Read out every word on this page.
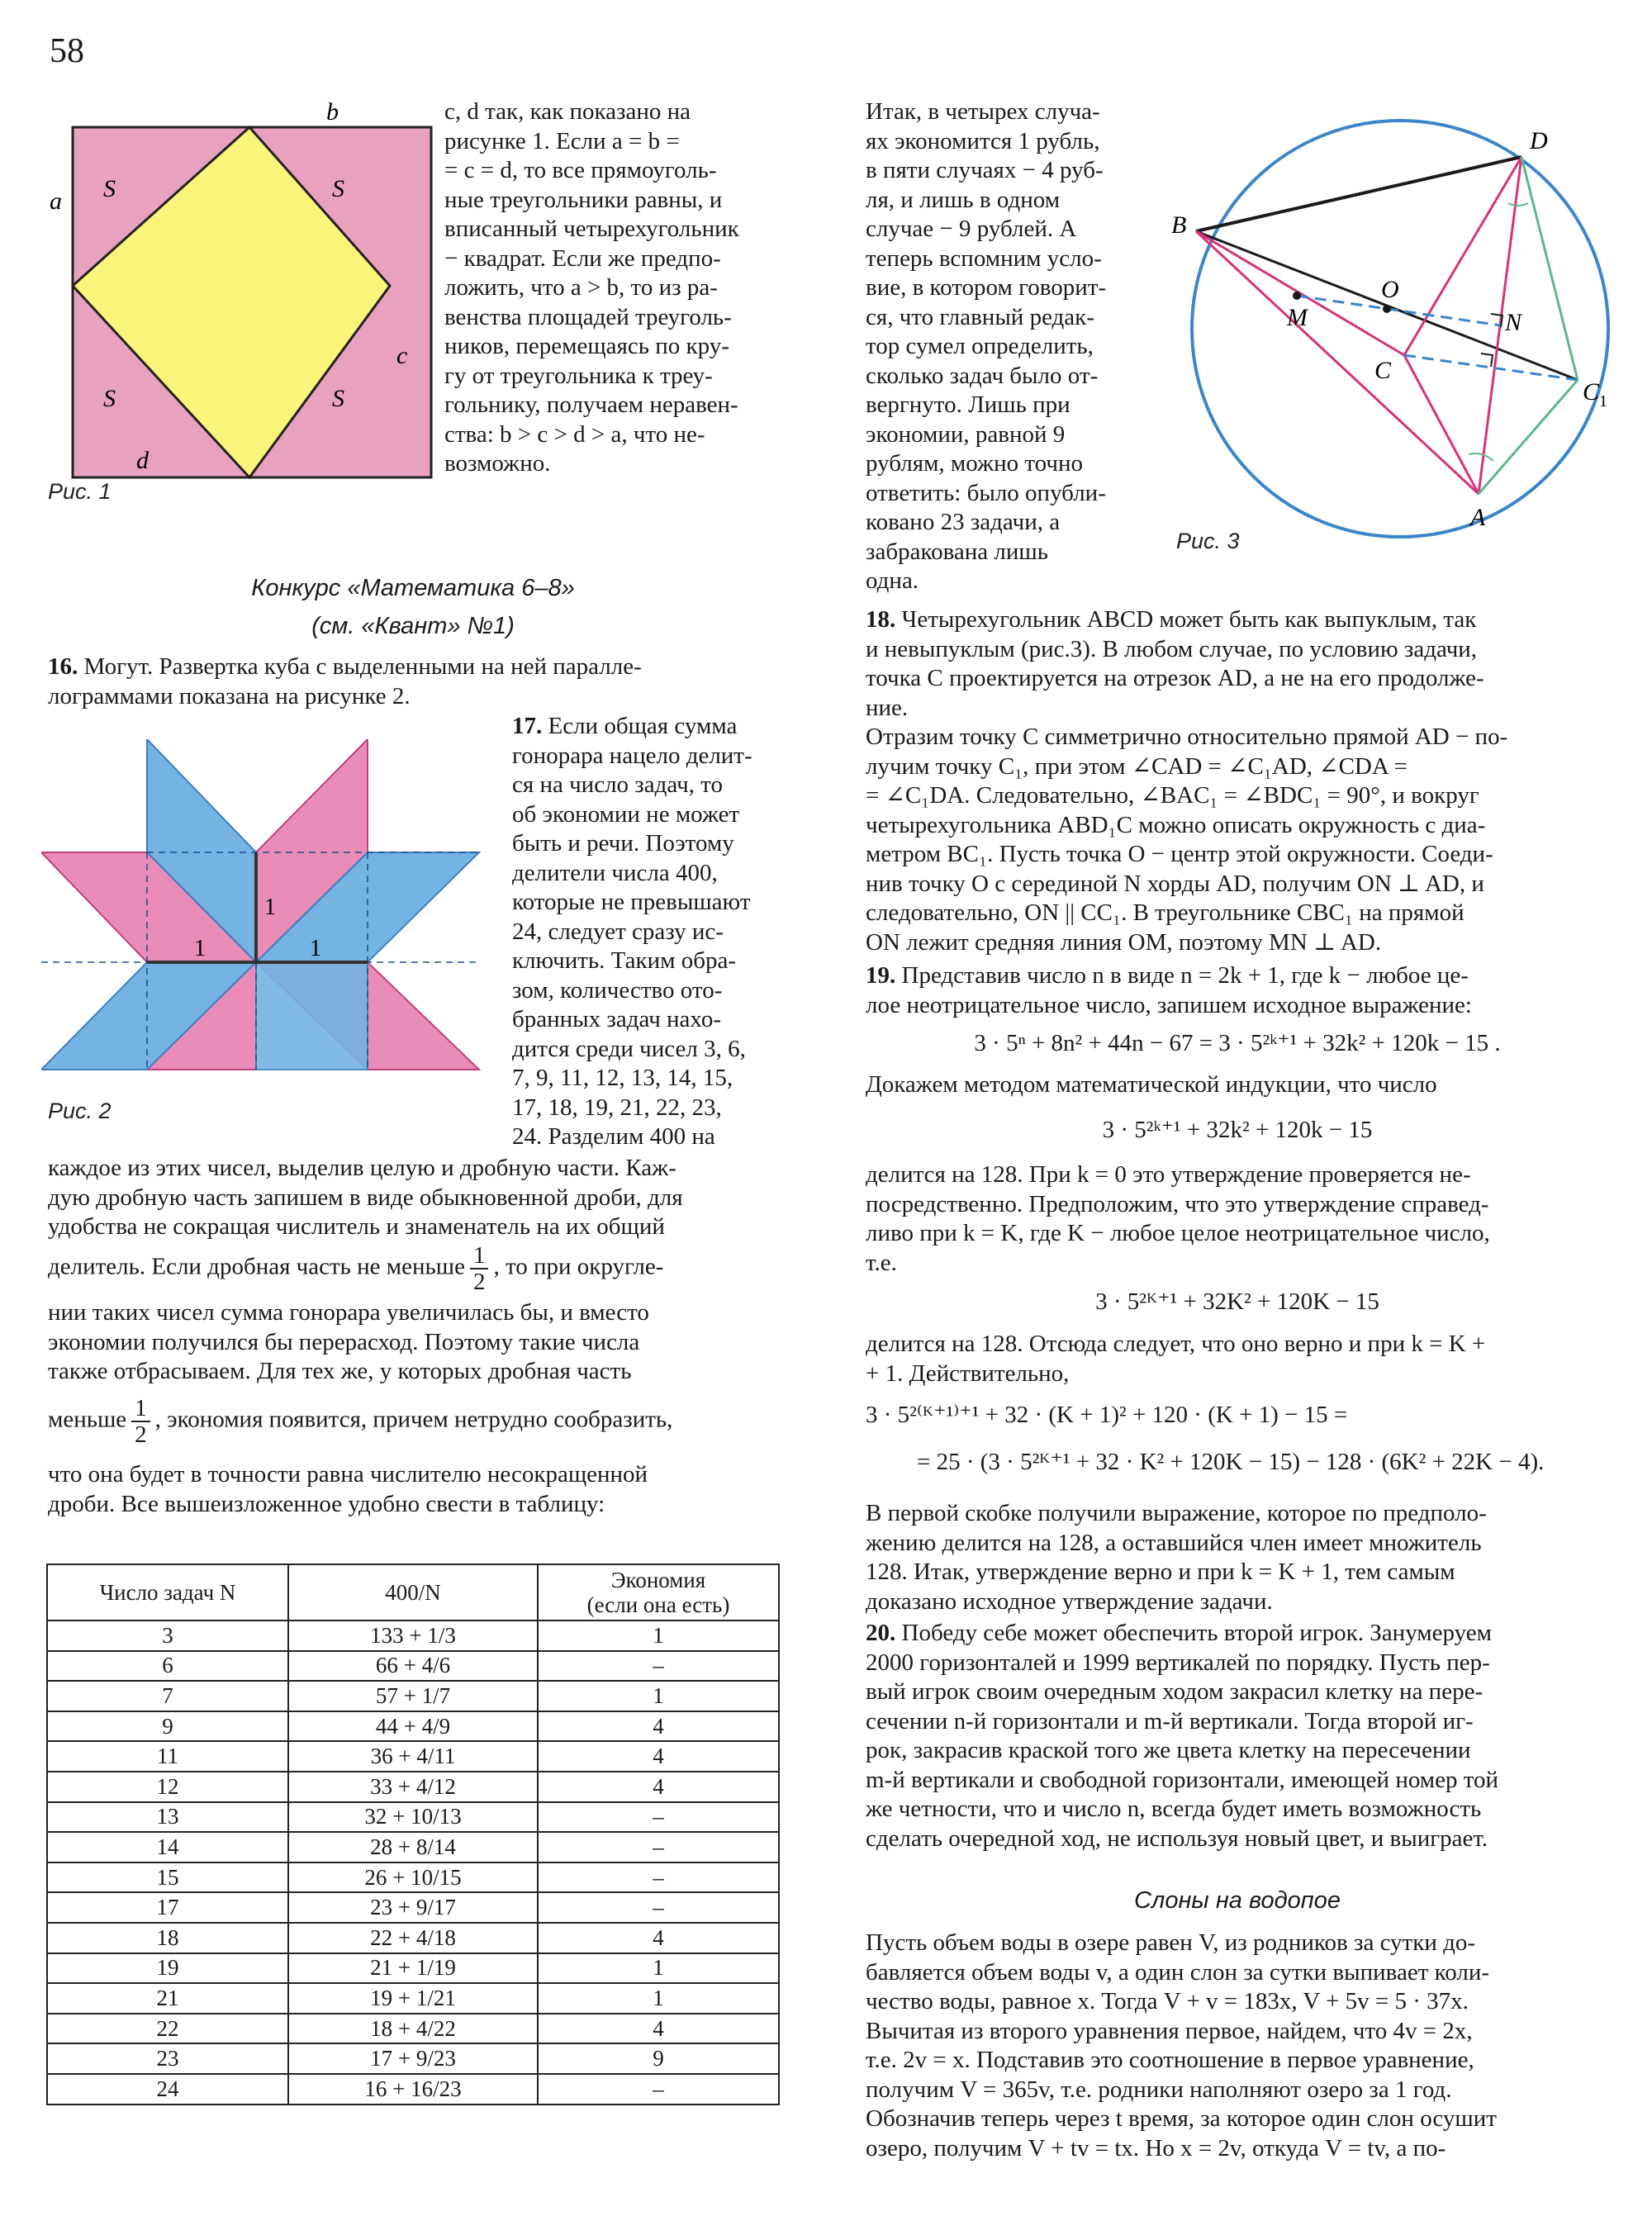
58
b
a
c
d
S	S
S	S
Рис. 1
c, d так, как показано на
рисунке 1. Если a = b =
= c = d, то все прямоуголь-
ные треугольники равны, и
вписанный четырехугольник
− квадрат. Если же предпо-
ложить, что a > b, то из ра-
венства площадей треуголь-
ников, перемещаясь по кру-
гу от треугольника к треу-
гольнику, получаем неравен-
ства: b > c > d > a, что не-
возможно.
Конкурс «Математика 6–8»
(см. «Квант» №1)
16. Могут. Развертка куба с выделенными на ней паралле-
лограммами показана на рисунке 2.
1
1	1
Рис. 2
17. Если общая сумма
гонорара нацело делит-
ся на число задач, то
об экономии не может
быть и речи. Поэтому
делители числа 400,
которые не превышают
24, следует сразу ис-
ключить. Таким обра-
зом, количество ото-
бранных задач нахо-
дится среди чисел 3, 6,
7, 9, 11, 12, 13, 14, 15,
17, 18, 19, 21, 22, 23,
24. Разделим 400 на
каждое из этих чисел, выделив целую и дробную части. Каж-
дую дробную часть запишем в виде обыкновенной дроби, для
удобства не сокращая числитель и знаменатель на их общий
делитель. Если дробная часть не меньше $\frac{1}{2}$ , то при округле-
нии таких чисел сумма гонорара увеличилась бы, и вместо
экономии получился бы перерасход. Поэтому такие числа
также отбрасываем. Для тех же, у которых дробная часть
меньше $\frac{1}{2}$ , экономия появится, причем нетрудно сообразить,
что она будет в точности равна числителю несокращенной
дроби. Все вышеизложенное удобно свести в таблицу:
Число задач N	400/N	Экономия
(если она есть)
3	133 + 1/3	1
6	66 + 4/6	–
7	57 + 1/7	1
9	44 + 4/9	4
11	36 + 4/11	4
12	33 + 4/12	4
13	32 + 10/13	–
14	28 + 8/14	–
15	26 + 10/15	–
17	23 + 9/17	–
18	22 + 4/18	4
19	21 + 1/19	1
21	19 + 1/21	1
22	18 + 4/22	4
23	17 + 9/23	9
24	16 + 16/23	–
Итак, в четырех случа-
ях экономится 1 рубль,
в пяти случаях − 4 руб-
ля, и лишь в одном
случае − 9 рублей. А
теперь вспомним усло-
вие, в котором говорит-
ся, что главный редак-
тор сумел определить,
сколько задач было от-
вергнуто. Лишь при
экономии, равной 9
рублям, можно точно
ответить: было опубли-
ковано 23 задачи, а
забракована лишь
одна.
D
B
O
N
M
C
$C_1$
A
Рис. 3
18. Четырехугольник ABCD может быть как выпуклым, так
и невыпуклым (рис.3). В любом случае, по условию задачи,
точка C проектируется на отрезок AD, а не на его продолже-
ние.
Отразим точку C симметрично относительно прямой AD − по-
лучим точку C₁, при этом ∠CAD = ∠C₁AD, ∠CDA =
= ∠C₁DA. Следовательно, ∠BAC₁ = ∠BDC₁ = 90°, и вокруг
четырехугольника ABD₁C можно описать окружность с диа-
метром BC₁. Пусть точка O − центр этой окружности. Соеди-
нив точку O с серединой N хорды AD, получим ON ⊥ AD, и
следовательно, ON || CC₁. В треугольнике CBC₁ на прямой
ON лежит средняя линия OM, поэтому MN ⊥ AD.
19. Представив число n в виде n = 2k + 1, где k − любое це-
лое неотрицательное число, запишем исходное выражение:
3 · 5ⁿ + 8n² + 44n − 67 = 3 · 5²ᵏ⁺¹ + 32k² + 120k − 15 .
Докажем методом математической индукции, что число
3 · 5²ᵏ⁺¹ + 32k² + 120k − 15
делится на 128. При k = 0 это утверждение проверяется не-
посредственно. Предположим, что это утверждение справед-
ливо при k = K, где K − любое целое неотрицательное число,
т.е.
3 · 5²ᴷ⁺¹ + 32K² + 120K − 15
делится на 128. Отсюда следует, что оно верно и при k = K +
+ 1. Действительно,
3 · 5²⁽ᴷ⁺¹⁾⁺¹ + 32 · (K + 1)² + 120 · (K + 1) − 15 =
= 25 · (3 · 5²ᴷ⁺¹ + 32 · K² + 120K − 15) − 128 · (6K² + 22K − 4).
В первой скобке получили выражение, которое по предполо-
жению делится на 128, а оставшийся член имеет множитель
128. Итак, утверждение верно и при k = K + 1, тем самым
доказано исходное утверждение задачи.
20. Победу себе может обеспечить второй игрок. Занумеруем
2000 горизонталей и 1999 вертикалей по порядку. Пусть пер-
вый игрок своим очередным ходом закрасил клетку на пере-
сечении n-й горизонтали и m-й вертикали. Тогда второй иг-
рок, закрасив краской того же цвета клетку на пересечении
m-й вертикали и свободной горизонтали, имеющей номер той
же четности, что и число n, всегда будет иметь возможность
сделать очередной ход, не используя новый цвет, и выиграет.
Слоны на водопое
Пусть объем воды в озере равен V, из родников за сутки до-
бавляется объем воды v, а один слон за сутки выпивает коли-
чество воды, равное x. Тогда V + v = 183x, V + 5v = 5 · 37x.
Вычитая из второго уравнения первое, найдем, что 4v = 2x,
т.е. 2v = x. Подставив это соотношение в первое уравнение,
получим V = 365v, т.е. родники наполняют озеро за 1 год.
Обозначив теперь через t время, за которое один слон осушит
озеро, получим V + tv = tx. Но x = 2v, откуда V = tv, а по-
